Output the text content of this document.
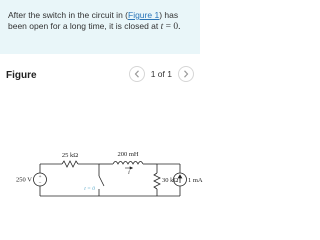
After the switch in the circuit in (Figure 1) has been open for a long time, it is closed at t = 0.
Figure	1 of 1
+
−
25 kΩ	200 mH
i
250 V
t = 0
30 kΩ 1 mA
